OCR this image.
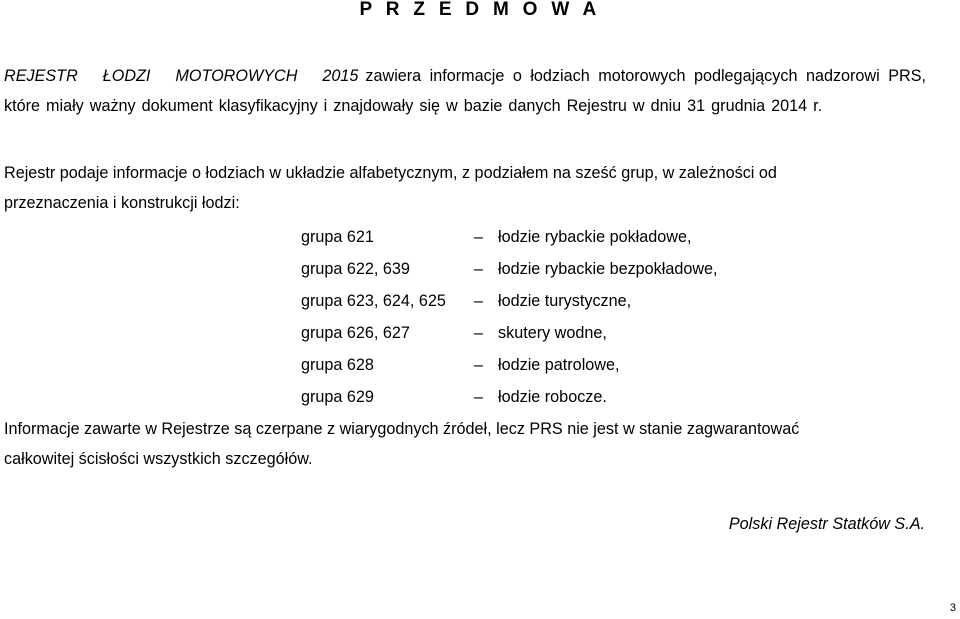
P R Z E D M O W A

REJESTR ŁODZI MOTOROWYCH 2015 zawiera informacje o łodziach motorowych podlegających nadzorowi PRS, które miały ważny dokument klasyfikacyjny i znajdowały się w bazie danych Rejestru w dniu 31 grudnia 2014 r.

Rejestr podaje informacje o łodziach w układzie alfabetycznym, z podziałem na sześć grup, w zależności od
przeznaczenia i konstrukcji łodzi:

grupa 621	– łodzie rybackie pokładowe,
grupa 622, 639	– łodzie rybackie bezpokładowe,
grupa 623, 624, 625 – łodzie turystyczne,
grupa 626, 627	– skutery wodne,
grupa 628	– łodzie patrolowe,
grupa 629	– łodzie robocze.

Informacje zawarte w Rejestrze są czerpane z wiarygodnych źródeł, lecz PRS nie jest w stanie zagwarantować
całkowitej ścisłości wszystkich szczegółów.

Polski Rejestr Statków S.A.
3
